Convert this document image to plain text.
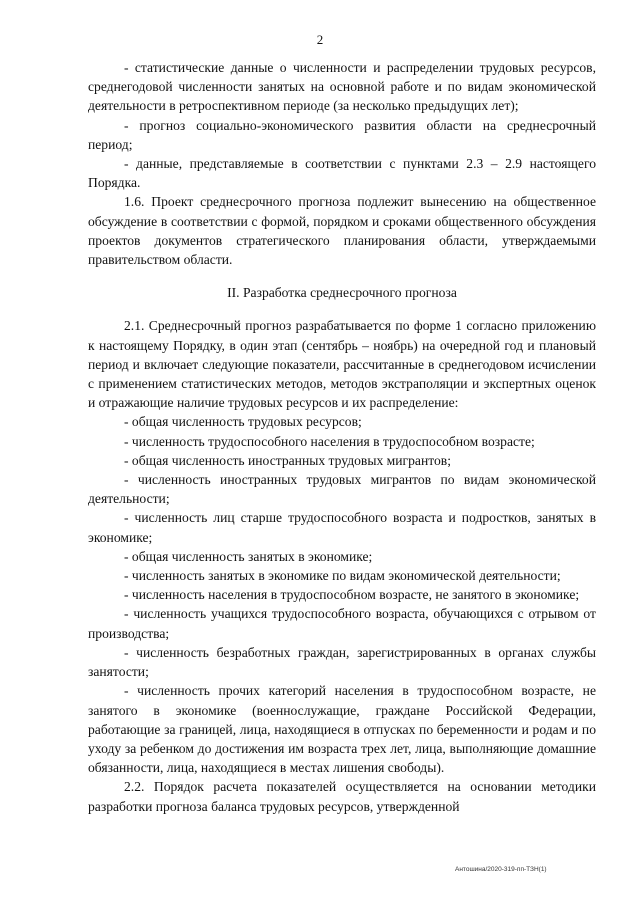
2

- статистические данные о численности и распределении трудовых ресурсов, среднегодовой численности занятых на основной работе и по видам экономической деятельности в ретроспективном периоде (за несколько предыдущих лет);

- прогноз социально-экономического развития области на среднесрочный период;

- данные, представляемые в соответствии с пунктами 2.3 – 2.9 настоящего Порядка.

1.6. Проект среднесрочного прогноза подлежит вынесению на общественное обсуждение в соответствии с формой, порядком и сроками общественного обсуждения проектов документов стратегического планирования области, утверждаемыми правительством области.

II. Разработка среднесрочного прогноза

2.1. Среднесрочный прогноз разрабатывается по форме 1 согласно приложению к настоящему Порядку, в один этап (сентябрь – ноябрь) на очередной год и плановый период и включает следующие показатели, рассчитанные в среднегодовом исчислении с применением статистических методов, методов экстраполяции и экспертных оценок и отражающие наличие трудовых ресурсов и их распределение:

- общая численность трудовых ресурсов;

- численность трудоспособного населения в трудоспособном возрасте;

- общая численность иностранных трудовых мигрантов;

- численность иностранных трудовых мигрантов по видам экономической деятельности;

- численность лиц старше трудоспособного возраста и подростков, занятых в экономике;

- общая численность занятых в экономике;

- численность занятых в экономике по видам экономической деятельности;

- численность населения в трудоспособном возрасте, не занятого в экономике;

- численность учащихся трудоспособного возраста, обучающихся с отрывом от производства;

- численность безработных граждан, зарегистрированных в органах службы занятости;

- численность прочих категорий населения в трудоспособном возрасте, не занятого в экономике (военнослужащие, граждане Российской Федерации, работающие за границей, лица, находящиеся в отпусках по беременности и родам и по уходу за ребенком до достижения им возраста трех лет, лица, выполняющие домашние обязанности, лица, находящиеся в местах лишения свободы).

2.2. Порядок расчета показателей осуществляется на основании методики разработки прогноза баланса трудовых ресурсов, утвержденной

Антошина/2020-319-пп-ТЗН(1)
